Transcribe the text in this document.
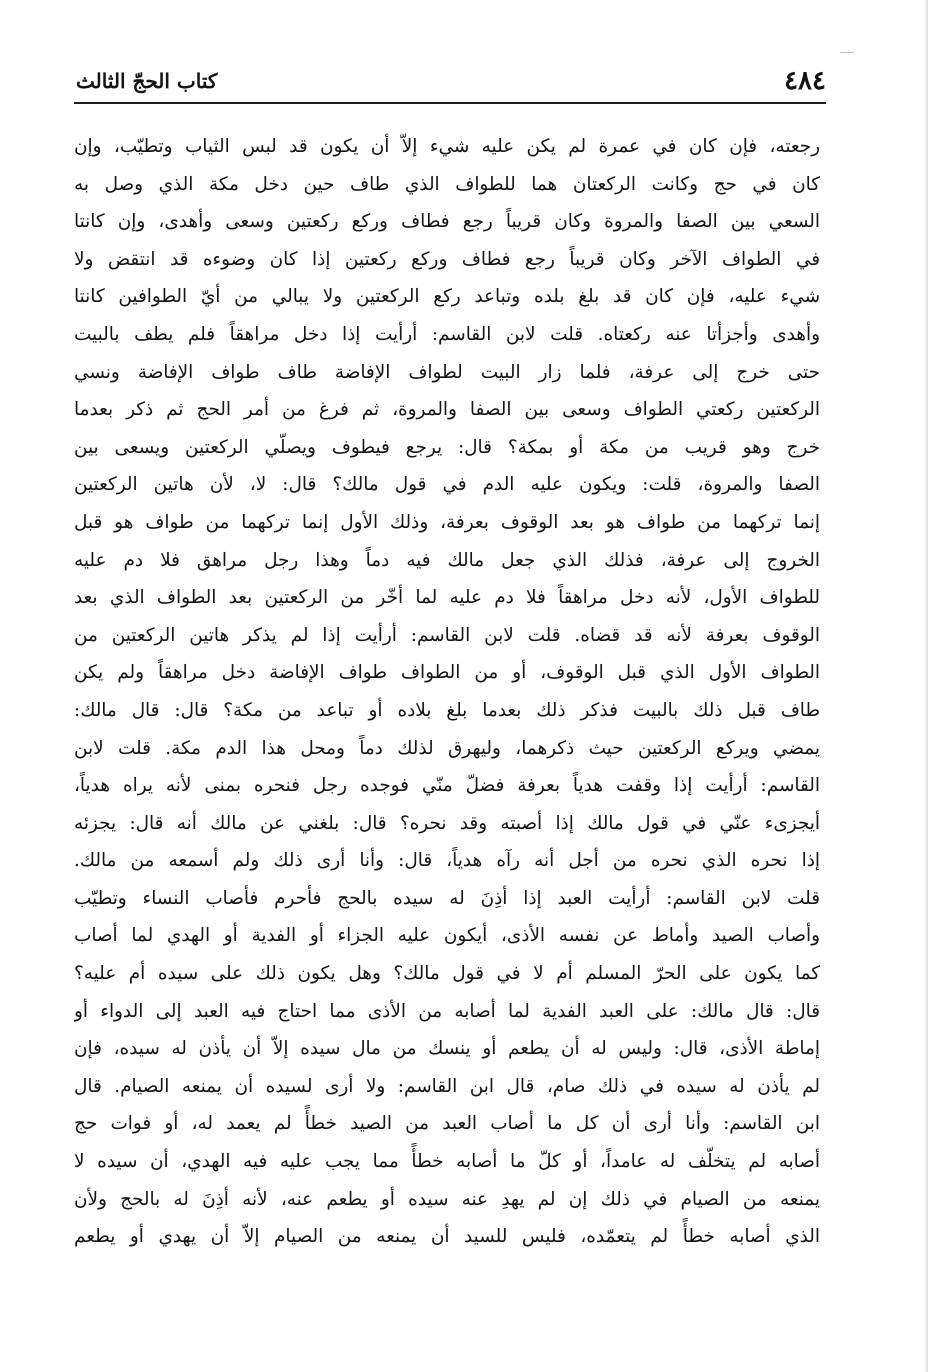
٤٨٤
كتاب الحجّ الثالث
رجعته، فإن كان في عمرة لم يكن عليه شيء إلاّ أن يكون قد لبس الثياب وتطيّب، وإن
كان في حج وكانت الركعتان هما للطواف الذي طاف حين دخل مكة الذي وصل به
السعي بين الصفا والمروة وكان قريباً رجع فطاف وركع ركعتين وسعى وأهدى، وإن كانتا
في الطواف الآخر وكان قريباً رجع فطاف وركع ركعتين إذا كان وضوءه قد انتقض ولا
شيء عليه، فإن كان قد بلغ بلده وتباعد ركع الركعتين ولا يبالي من أيّ الطوافين كانتا
وأهدى وأجزأتا عنه ركعتاه. قلت لابن القاسم: أرأيت إذا دخل مراهقاً فلم يطف بالبيت
حتى خرج إلى عرفة، فلما زار البيت لطواف الإفاضة طاف طواف الإفاضة ونسي
الركعتين ركعتي الطواف وسعى بين الصفا والمروة، ثم فرغ من أمر الحج ثم ذكر بعدما
خرج وهو قريب من مكة أو بمكة؟ قال: يرجع فيطوف ويصلّي الركعتين ويسعى بين
الصفا والمروة، قلت: ويكون عليه الدم في قول مالك؟ قال: لا، لأن هاتين الركعتين
إنما تركهما من طواف هو بعد الوقوف بعرفة، وذلك الأول إنما تركهما من طواف هو قبل
الخروج إلى عرفة، فذلك الذي جعل مالك فيه دماً وهذا رجل مراهق فلا دم عليه
للطواف الأول، لأنه دخل مراهقاً فلا دم عليه لما أخّر من الركعتين بعد الطواف الذي بعد
الوقوف بعرفة لأنه قد قضاه. قلت لابن القاسم: أرأيت إذا لم يذكر هاتين الركعتين من
الطواف الأول الذي قبل الوقوف، أو من الطواف طواف الإفاضة دخل مراهقاً ولم يكن
طاف قبل ذلك بالبيت فذكر ذلك بعدما بلغ بلاده أو تباعد من مكة؟ قال: قال مالك:
يمضي ويركع الركعتين حيث ذكرهما، وليهرق لذلك دماً ومحل هذا الدم مكة. قلت لابن
القاسم: أرأيت إذا وقفت هدياً بعرفة فضلّ منّي فوجده رجل فنحره بمنى لأنه يراه هدياً،
أيجزىء عنّي في قول مالك إذا أصبته وقد نحره؟ قال: بلغني عن مالك أنه قال: يجزئه
إذا نحره الذي نحره من أجل أنه رآه هدياً، قال: وأنا أرى ذلك ولم أسمعه من مالك.
قلت لابن القاسم: أرأيت العبد إذا أذِنَ له سيده بالحج فأحرم فأصاب النساء وتطيّب
وأصاب الصيد وأماط عن نفسه الأذى، أيكون عليه الجزاء أو الفدية أو الهدي لما أصاب
كما يكون على الحرّ المسلم أم لا في قول مالك؟ وهل يكون ذلك على سيده أم عليه؟
قال: قال مالك: على العبد الفدية لما أصابه من الأذى مما احتاج فيه العبد إلى الدواء أو
إماطة الأذى، قال: وليس له أن يطعم أو ينسك من مال سيده إلاّ أن يأذن له سيده، فإن
لم يأذن له سيده في ذلك صام، قال ابن القاسم: ولا أرى لسيده أن يمنعه الصيام. قال
ابن القاسم: وأنا أرى أن كل ما أصاب العبد من الصيد خطأً لم يعمد له، أو فوات حج
أصابه لم يتخلّف له عامداً، أو كلّ ما أصابه خطأً مما يجب عليه فيه الهدي، أن سيده لا
يمنعه من الصيام في ذلك إن لم يهدِ عنه سيده أو يطعم عنه، لأنه أذِنَ له بالحج ولأن
الذي أصابه خطأً لم يتعمّده، فليس للسيد أن يمنعه من الصيام إلاّ أن يهدي أو يطعم
